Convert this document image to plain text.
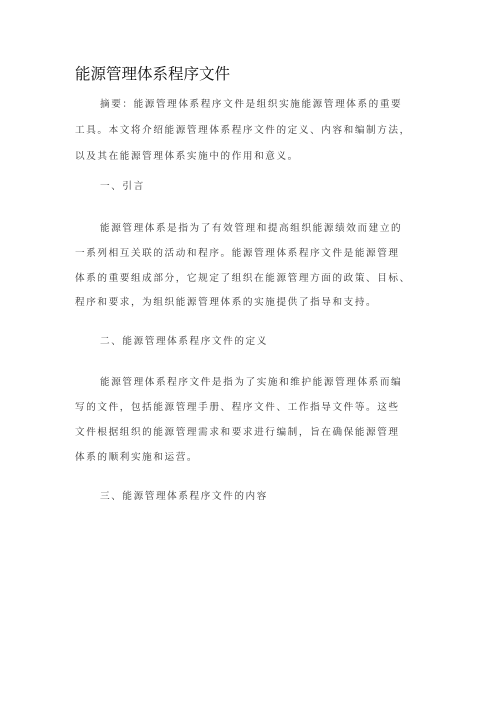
能源管理体系程序文件
摘要：能源管理体系程序文件是组织实施能源管理体系的重要
工具。本文将介绍能源管理体系程序文件的定义、内容和编制方法，
以及其在能源管理体系实施中的作用和意义。
一、引言
能源管理体系是指为了有效管理和提高组织能源绩效而建立的
一系列相互关联的活动和程序。能源管理体系程序文件是能源管理
体系的重要组成部分，它规定了组织在能源管理方面的政策、目标、
程序和要求，为组织能源管理体系的实施提供了指导和支持。
二、能源管理体系程序文件的定义
能源管理体系程序文件是指为了实施和维护能源管理体系而编
写的文件，包括能源管理手册、程序文件、工作指导文件等。这些
文件根据组织的能源管理需求和要求进行编制，旨在确保能源管理
体系的顺利实施和运营。
三、能源管理体系程序文件的内容
